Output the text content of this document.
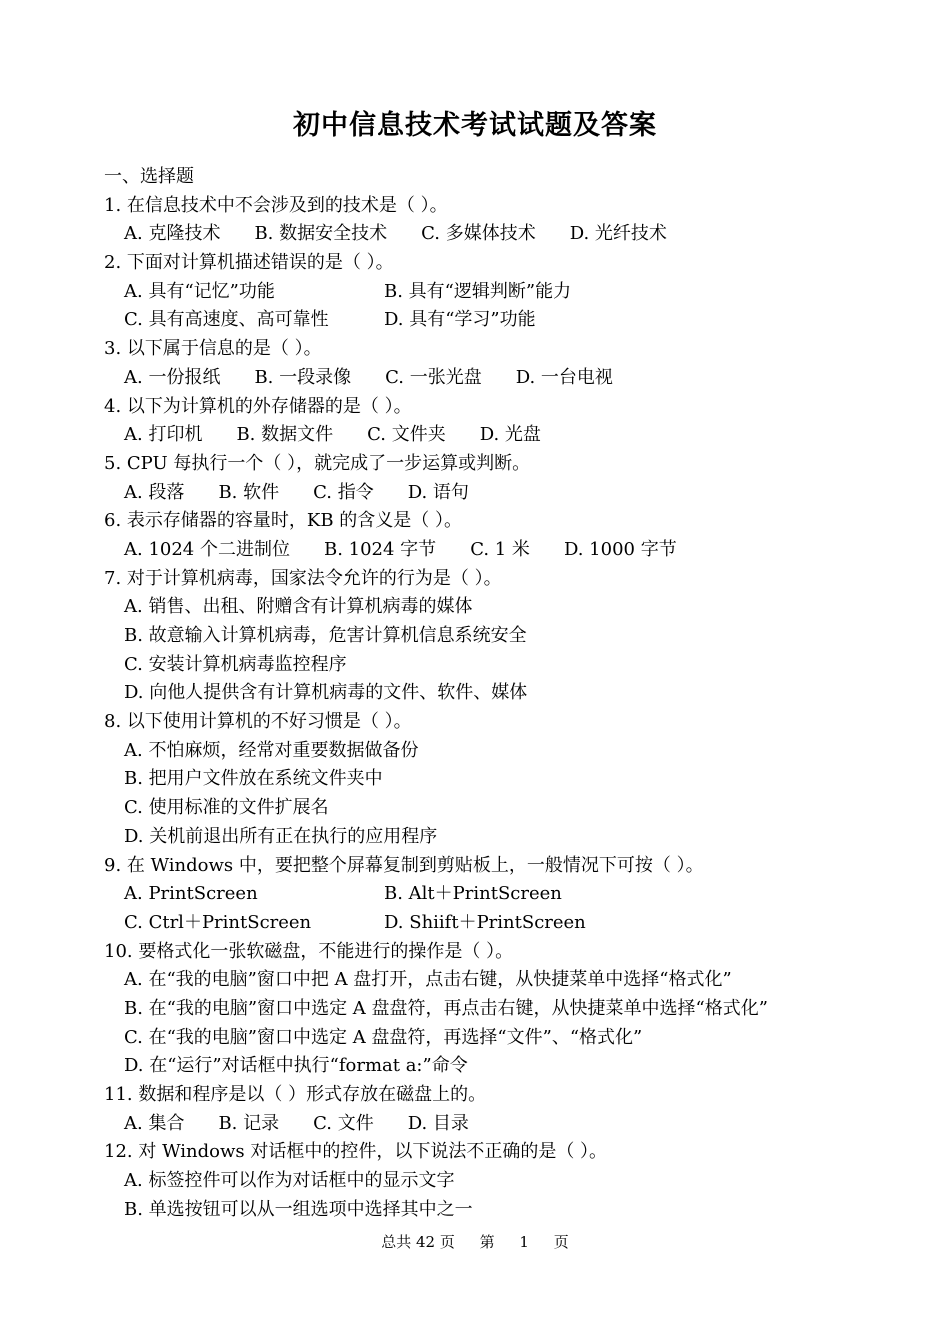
初中信息技术考试试题及答案
一、选择题
1. 在信息技术中不会涉及到的技术是（ ）。
A. 克隆技术 B. 数据安全技术 C. 多媒体技术 D. 光纤技术
2. 下面对计算机描述错误的是（ ）。
A. 具有“记忆”功能	B. 具有“逻辑判断”能力
C. 具有高速度、高可靠性	D. 具有“学习”功能
3. 以下属于信息的是（ ）。
A. 一份报纸 B. 一段录像 C. 一张光盘 D. 一台电视
4. 以下为计算机的外存储器的是（ ）。
A. 打印机 B. 数据文件 C. 文件夹 D. 光盘
5. CPU 每执行一个（ ），就完成了一步运算或判断。
A. 段落 B. 软件 C. 指令 D. 语句
6. 表示存储器的容量时，KB 的含义是（ ）。
A. 1024 个二进制位 B. 1024 字节 C. 1 米 D. 1000 字节
7. 对于计算机病毒，国家法令允许的行为是（ ）。
A. 销售、出租、附赠含有计算机病毒的媒体
B. 故意输入计算机病毒，危害计算机信息系统安全
C. 安装计算机病毒监控程序
D. 向他人提供含有计算机病毒的文件、软件、媒体
8. 以下使用计算机的不好习惯是（ ）。
A. 不怕麻烦，经常对重要数据做备份
B. 把用户文件放在系统文件夹中
C. 使用标准的文件扩展名
D. 关机前退出所有正在执行的应用程序
9. 在 Windows 中，要把整个屏幕复制到剪贴板上，一般情况下可按（ ）。
A. PrintScreen	B. Alt＋PrintScreen
C. Ctrl＋PrintScreen	D. Shiift＋PrintScreen
10. 要格式化一张软磁盘，不能进行的操作是（ ）。
A. 在“我的电脑”窗口中把 A 盘打开，点击右键，从快捷菜单中选择“格式化”
B. 在“我的电脑”窗口中选定 A 盘盘符，再点击右键，从快捷菜单中选择“格式化”
C. 在“我的电脑”窗口中选定 A 盘盘符，再选择“文件”、“格式化”
D. 在“运行”对话框中执行“format a:”命令
11. 数据和程序是以（ ）形式存放在磁盘上的。
A. 集合 B. 记录 C. 文件 D. 目录
12. 对 Windows 对话框中的控件，以下说法不正确的是（ ）。
A. 标签控件可以作为对话框中的显示文字
B. 单选按钮可以从一组选项中选择其中之一
总共 42 页 第 1 页
